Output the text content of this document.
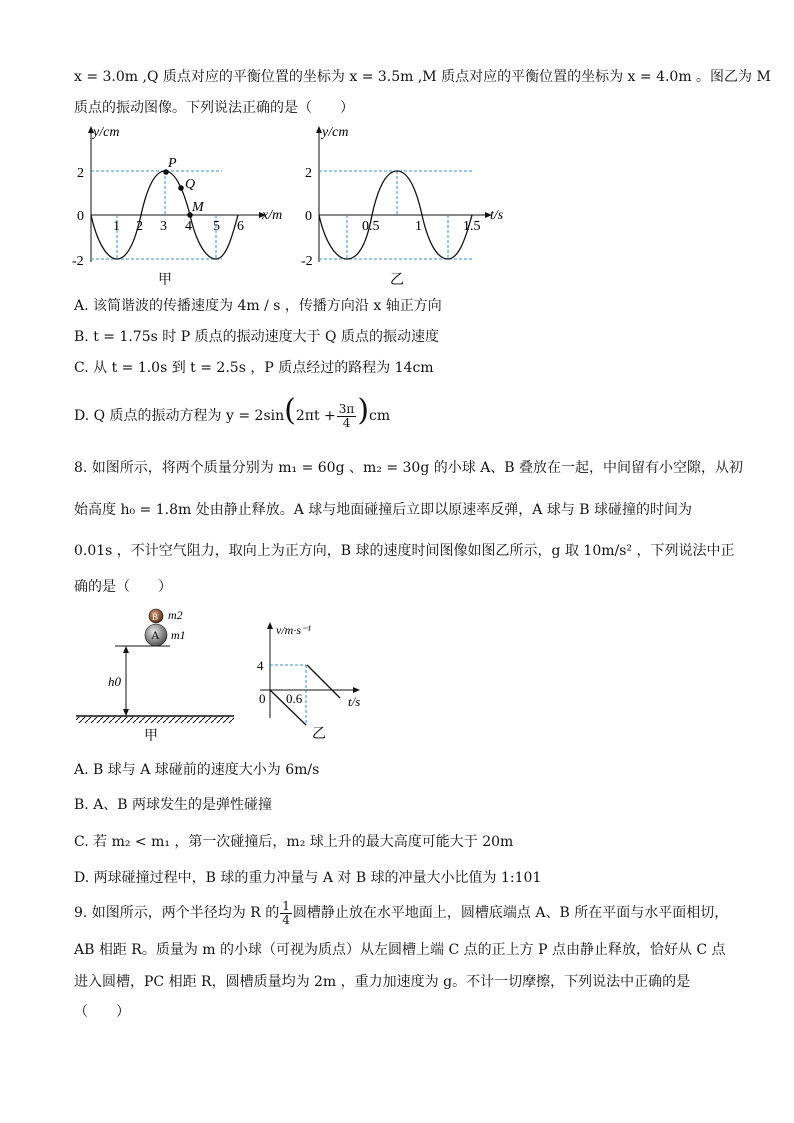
x = 3.0m ,Q 质点对应的平衡位置的坐标为 x = 3.5m ,M 质点对应的平衡位置的坐标为 x = 4.0m 。图乙为 M
质点的振动图像。下列说法正确的是（　　）
y/cm
x/m
2
0
-2
1 2 3 4 5 6
P
Q
M
甲
y/cm
t/s
2
0
-2
0.5	1	1.5
乙
A. 该简谐波的传播速度为 4m / s ，传播方向沿 x 轴正方向
B. t = 1.75s 时 P 质点的振动速度大于 Q 质点的振动速度
C. 从 t = 1.0s 到 t = 2.5s ，P 质点经过的路程为 14cm
D. Q 质点的振动方程为 $y = 2\sin(2\pi t + \frac{3\pi}{4} )cm$
8. 如图所示，将两个质量分别为 m₁ = 60g 、m₂ = 30g 的小球 A、B 叠放在一起，中间留有小空隙，从初
始高度 h₀ = 1.8m 处由静止释放。A 球与地面碰撞后立即以原速率反弹，A 球与 B 球碰撞的时间为
0.01s ，不计空气阻力，取向上为正方向，B 球的速度时间图像如图乙所示，g 取 10m/s² ，下列说法中正
确的是（　　）
B
A
m2
m1
h0
甲
v/m·s⁻¹
t/s
4
0 0.6
乙
A. B 球与 A 球碰前的速度大小为 6m/s
B. A、B 两球发生的是弹性碰撞
C. 若 m₂ < m₁ ，第一次碰撞后，m₂ 球上升的最大高度可能大于 20m
D. 两球碰撞过程中，B 球的重力冲量与 A 对 B 球的冲量大小比值为 1:101
9. 如图所示，两个半径均为 R 的 $\frac{1}{4}$ 圆槽静止放在水平地面上，圆槽底端点 A、B 所在平面与水平面相切，
AB 相距 R。质量为 m 的小球（可视为质点）从左圆槽上端 C 点的正上方 P 点由静止释放，恰好从 C 点
进入圆槽，PC 相距 R，圆槽质量均为 2m ，重力加速度为 g。不计一切摩擦，下列说法中正确的是
（　　）
